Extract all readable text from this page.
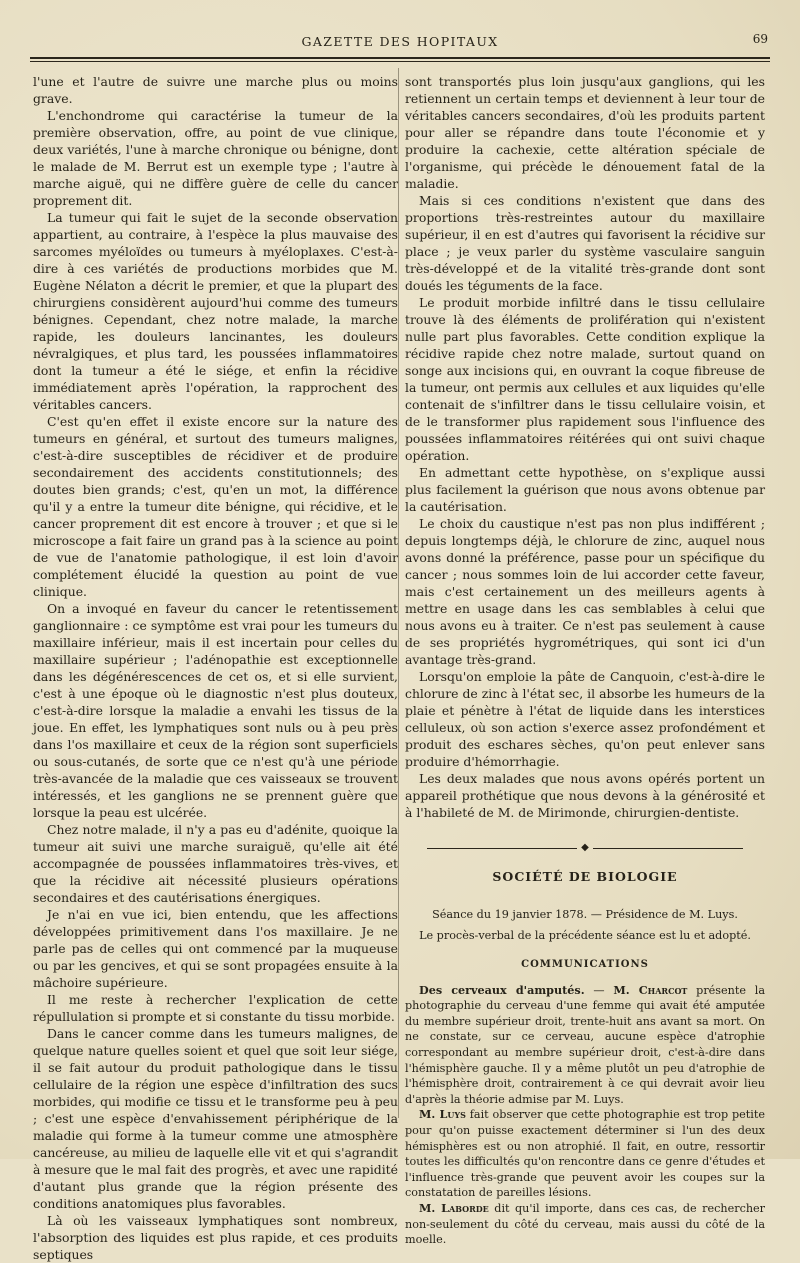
GAZETTE DES HOPITAUX	69

l'une et l'autre de suivre une marche plus ou moins grave.

L'enchondrome qui caractérise la tumeur de la première observation, offre, au point de vue clinique, deux variétés, l'une à marche chronique ou bénigne, dont le malade de M. Berrut est un exemple type ; l'autre à marche aiguë, qui ne diffère guère de celle du cancer proprement dit.

La tumeur qui fait le sujet de la seconde observation appartient, au contraire, à l'espèce la plus mauvaise des sarcomes myéloïdes ou tumeurs à myéloplaxes. C'est-à-dire à ces variétés de productions morbides que M. Eugène Nélaton a décrit le premier, et que la plupart des chirurgiens considèrent aujourd'hui comme des tumeurs bénignes. Cependant, chez notre malade, la marche rapide, les douleurs lancinantes, les douleurs névralgiques, et plus tard, les poussées inflammatoires dont la tumeur a été le siége, et enfin la récidive immédiatement après l'opération, la rapprochent des véritables cancers.

C'est qu'en effet il existe encore sur la nature des tumeurs en général, et surtout des tumeurs malignes, c'est-à-dire susceptibles de récidiver et de produire secondairement des accidents constitutionnels; des doutes bien grands; c'est, qu'en un mot, la différence qu'il y a entre la tumeur dite bénigne, qui récidive, et le cancer proprement dit est encore à trouver ; et que si le microscope a fait faire un grand pas à la science au point de vue de l'anatomie pathologique, il est loin d'avoir complétement élucidé la question au point de vue clinique.

On a invoqué en faveur du cancer le retentissement ganglionnaire : ce symptôme est vrai pour les tumeurs du maxillaire inférieur, mais il est incertain pour celles du maxillaire supérieur ; l'adénopathie est exceptionnelle dans les dégénérescences de cet os, et si elle survient, c'est à une époque où le diagnostic n'est plus douteux, c'est-à-dire lorsque la maladie a envahi les tissus de la joue. En effet, les lymphatiques sont nuls ou à peu près dans l'os maxillaire et ceux de la région sont superficiels ou sous-cutanés, de sorte que ce n'est qu'à une période très-avancée de la maladie que ces vaisseaux se trouvent intéressés, et les ganglions ne se prennent guère que lorsque la peau est ulcérée.

Chez notre malade, il n'y a pas eu d'adénite, quoique la tumeur ait suivi une marche suraiguë, qu'elle ait été accompagnée de poussées inflammatoires très-vives, et que la récidive ait nécessité plusieurs opérations secondaires et des cautérisations énergiques.

Je n'ai en vue ici, bien entendu, que les affections développées primitivement dans l'os maxillaire. Je ne parle pas de celles qui ont commencé par la muqueuse ou par les gencives, et qui se sont propagées ensuite à la mâchoire supérieure.

Il me reste à rechercher l'explication de cette répullulation si prompte et si constante du tissu morbide.

Dans le cancer comme dans les tumeurs malignes, de quelque nature quelles soient et quel que soit leur siége, il se fait autour du produit pathologique dans le tissu cellulaire de la région une espèce d'infiltration des sucs morbides, qui modifie ce tissu et le transforme peu à peu ; c'est une espèce d'envahissement périphérique de la maladie qui forme à la tumeur comme une atmosphère cancéreuse, au milieu de laquelle elle vit et qui s'agrandit à mesure que le mal fait des progrès, et avec une rapidité d'autant plus grande que la région présente des conditions anatomiques plus favorables.

Là où les vaisseaux lymphatiques sont nombreux, l'absorption des liquides est plus rapide, et ces produits septiques

sont transportés plus loin jusqu'aux ganglions, qui les retiennent un certain temps et deviennent à leur tour de véritables cancers secondaires, d'où les produits partent pour aller se répandre dans toute l'économie et y produire la cachexie, cette altération spéciale de l'organisme, qui précède le dénouement fatal de la maladie.

Mais si ces conditions n'existent que dans des proportions très-restreintes autour du maxillaire supérieur, il en est d'autres qui favorisent la récidive sur place ; je veux parler du système vasculaire sanguin très-développé et de la vitalité très-grande dont sont doués les téguments de la face.

Le produit morbide infiltré dans le tissu cellulaire trouve là des éléments de prolifération qui n'existent nulle part plus favorables. Cette condition explique la récidive rapide chez notre malade, surtout quand on songe aux incisions qui, en ouvrant la coque fibreuse de la tumeur, ont permis aux cellules et aux liquides qu'elle contenait de s'infiltrer dans le tissu cellulaire voisin, et de le transformer plus rapidement sous l'influence des poussées inflammatoires réitérées qui ont suivi chaque opération.

En admettant cette hypothèse, on s'explique aussi plus facilement la guérison que nous avons obtenue par la cautérisation.

Le choix du caustique n'est pas non plus indifférent ; depuis longtemps déjà, le chlorure de zinc, auquel nous avons donné la préférence, passe pour un spécifique du cancer ; nous sommes loin de lui accorder cette faveur, mais c'est certainement un des meilleurs agents à mettre en usage dans les cas semblables à celui que nous avons eu à traiter. Ce n'est pas seulement à cause de ses propriétés hygrométriques, qui sont ici d'un avantage très-grand.

Lorsqu'on emploie la pâte de Canquoin, c'est-à-dire le chlorure de zinc à l'état sec, il absorbe les humeurs de la plaie et pénètre à l'état de liquide dans les interstices celluleux, où son action s'exerce assez profondément et produit des eschares sèches, qu'on peut enlever sans produire d'hémorrhagie.

Les deux malades que nous avons opérés portent un appareil prothétique que nous devons à la générosité et à l'habileté de M. de Mirimonde, chirurgien-dentiste.

◆
SOCIÉTÉ DE BIOLOGIE

Séance du 19 janvier 1878. — Présidence de M. Luys.

Le procès-verbal de la précédente séance est lu et adopté.

COMMUNICATIONS

Des cerveaux d'amputés. — M. Charcot présente la photographie du cerveau d'une femme qui avait été amputée du membre supérieur droit, trente-huit ans avant sa mort. On ne constate, sur ce cerveau, aucune espèce d'atrophie correspondant au membre supérieur droit, c'est-à-dire dans l'hémisphère gauche. Il y a même plutôt un peu d'atrophie de l'hémisphère droit, contrairement à ce qui devrait avoir lieu d'après la théorie admise par M. Luys.

M. Luys fait observer que cette photographie est trop petite pour qu'on puisse exactement déterminer si l'un des deux hémisphères est ou non atrophié. Il fait, en outre, ressortir toutes les difficultés qu'on rencontre dans ce genre d'études et l'influence très-grande que peuvent avoir les coupes sur la constatation de pareilles lésions.

M. Laborde dit qu'il importe, dans ces cas, de rechercher non-seulement du côté du cerveau, mais aussi du côté de la moelle.
